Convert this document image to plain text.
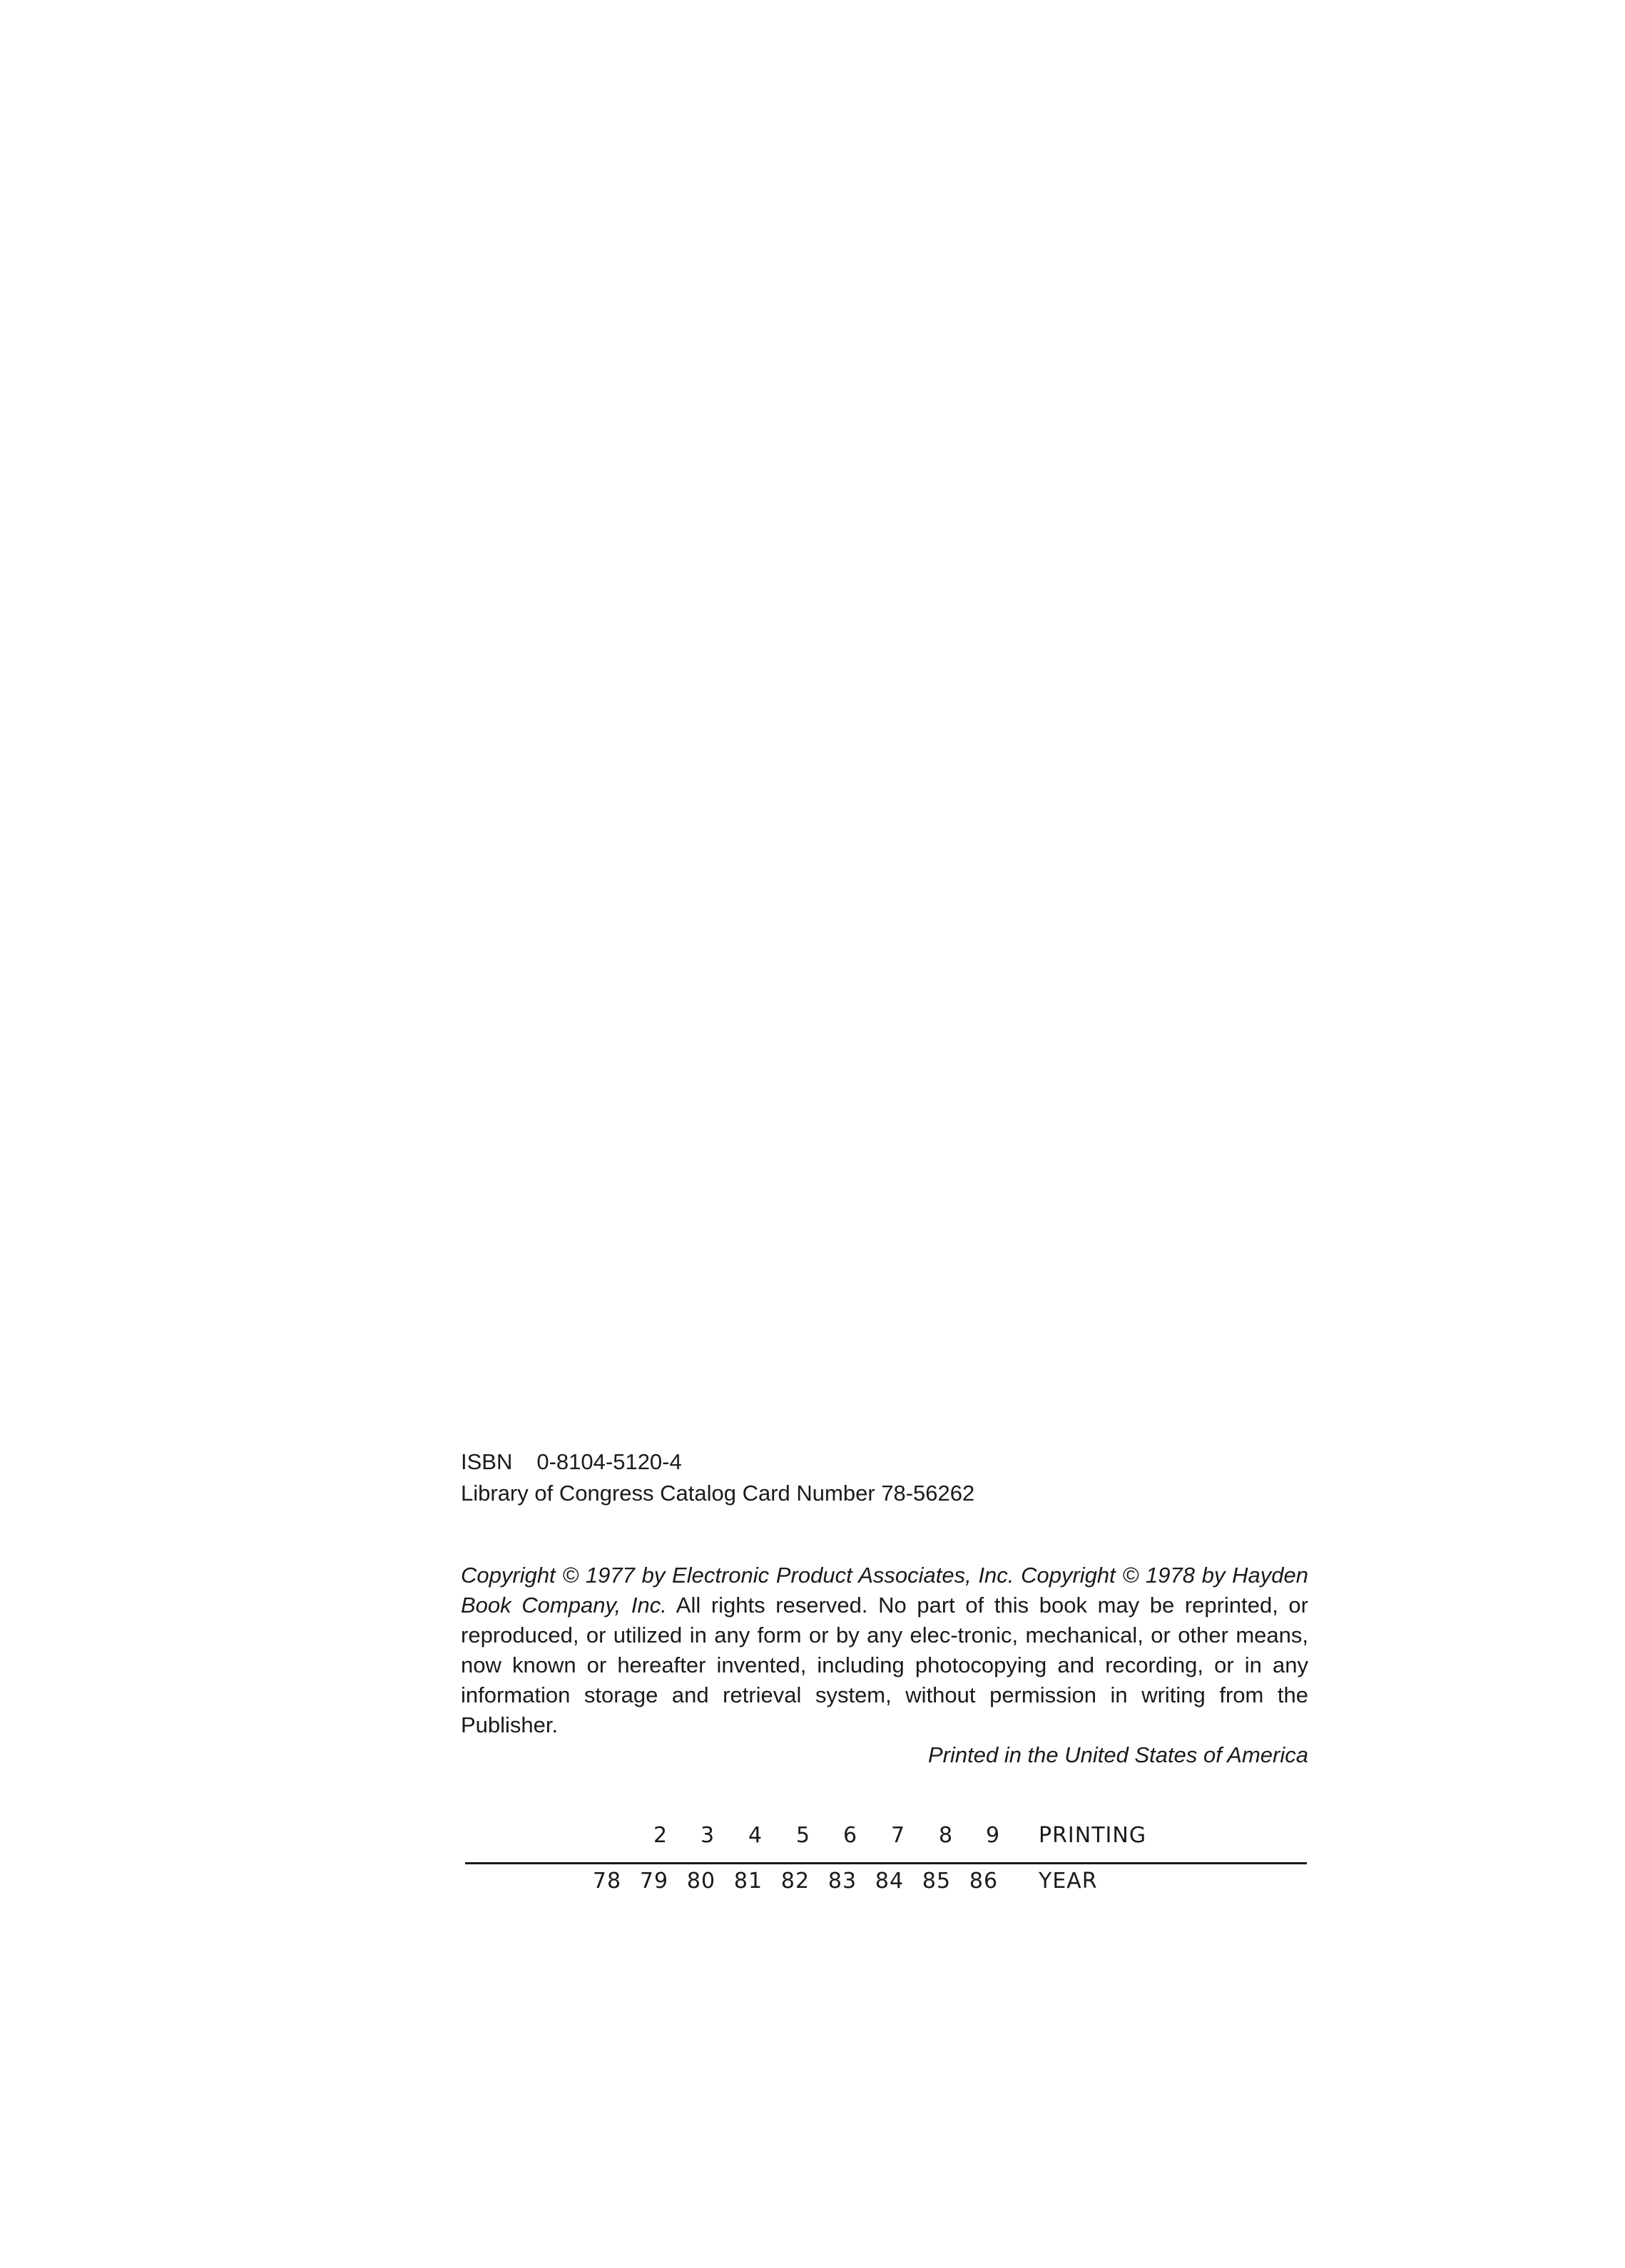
ISBN 0-8104-5120-4
Library of Congress Catalog Card Number 78-56262
Copyright © 1977 by Electronic Product Associates, Inc. Copyright © 1978 by Hayden Book Company, Inc. All rights reserved. No part of this book may be reprinted, or reproduced, or utilized in any form or by any elec-tronic, mechanical, or other means, now known or hereafter invented, including photocopying and recording, or in any information storage and retrieval system, without permission in writing from the Publisher.
Printed in the United States of America
2	3	4	5	6	7	8	9	PRINTING
78 79 80 81 82 83 84 85 86	YEAR
